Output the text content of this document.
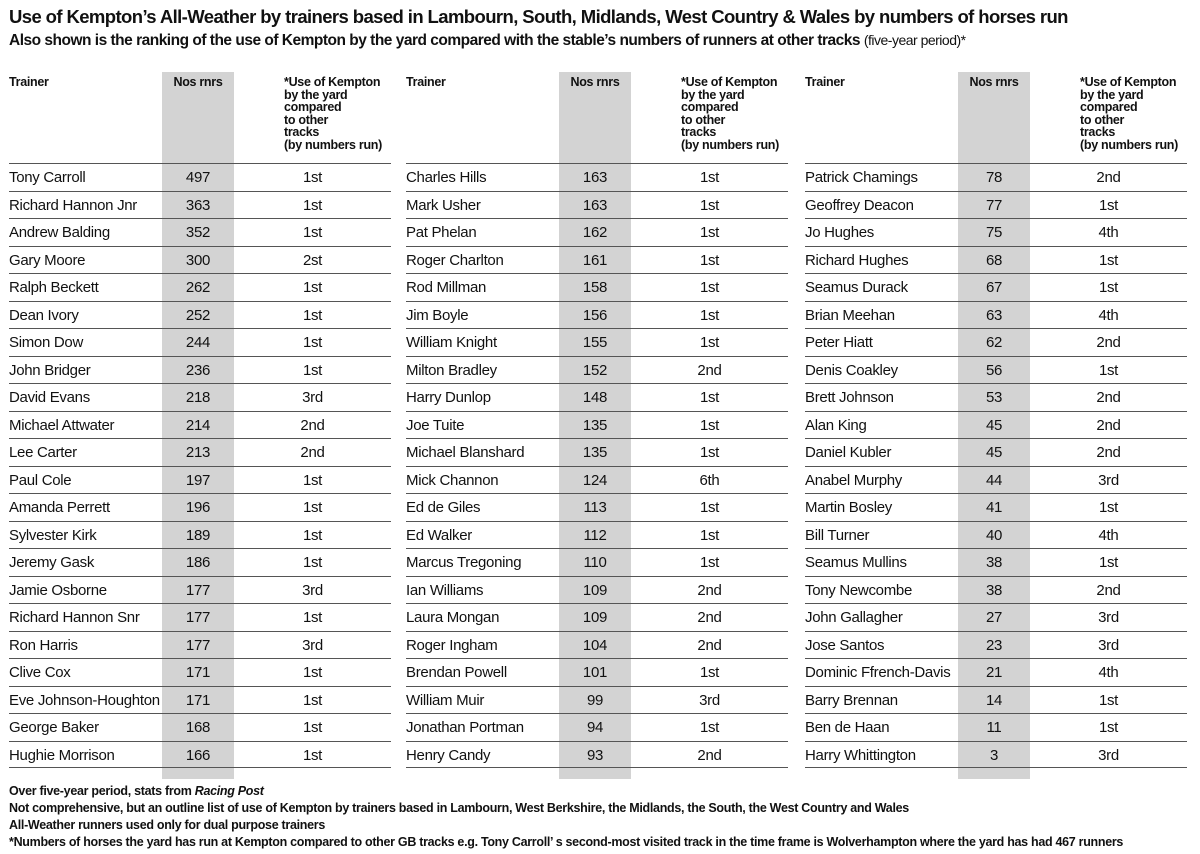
Use of Kempton’s All-Weather by trainers based in Lambourn, South, Midlands, West Country & Wales by numbers of horses run
Also shown is the ranking of the use of Kempton by the yard compared with the stable’s numbers of runners at other tracks (five-year period)*
Trainer	Nos rnrs	*Use of Kempton
by the yard
compared
to other
tracks
(by numbers run)
Tony Carroll	497	1st
Richard Hannon Jnr	363	1st
Andrew Balding	352	1st
Gary Moore	300	2st
Ralph Beckett	262	1st
Dean Ivory	252	1st
Simon Dow	244	1st
John Bridger	236	1st
David Evans	218	3rd
Michael Attwater	214	2nd
Lee Carter	213	2nd
Paul Cole	197	1st
Amanda Perrett	196	1st
Sylvester Kirk	189	1st
Jeremy Gask	186	1st
Jamie Osborne	177	3rd
Richard Hannon Snr	177	1st
Ron Harris	177	3rd
Clive Cox	171	1st
Eve Johnson-Houghton	171	1st
George Baker	168	1st
Hughie Morrison	166	1st
Trainer	Nos rnrs	*Use of Kempton
by the yard
compared
to other
tracks
(by numbers run)
Charles Hills	163	1st
Mark Usher	163	1st
Pat Phelan	162	1st
Roger Charlton	161	1st
Rod Millman	158	1st
Jim Boyle	156	1st
William Knight	155	1st
Milton Bradley	152	2nd
Harry Dunlop	148	1st
Joe Tuite	135	1st
Michael Blanshard	135	1st
Mick Channon	124	6th
Ed de Giles	113	1st
Ed Walker	112	1st
Marcus Tregoning	110	1st
Ian Williams	109	2nd
Laura Mongan	109	2nd
Roger Ingham	104	2nd
Brendan Powell	101	1st
William Muir	99	3rd
Jonathan Portman	94	1st
Henry Candy	93	2nd
Trainer	Nos rnrs	*Use of Kempton
by the yard
compared
to other
tracks
(by numbers run)
Patrick Chamings	78	2nd
Geoffrey Deacon	77	1st
Jo Hughes	75	4th
Richard Hughes	68	1st
Seamus Durack	67	1st
Brian Meehan	63	4th
Peter Hiatt	62	2nd
Denis Coakley	56	1st
Brett Johnson	53	2nd
Alan King	45	2nd
Daniel Kubler	45	2nd
Anabel Murphy	44	3rd
Martin Bosley	41	1st
Bill Turner	40	4th
Seamus Mullins	38	1st
Tony Newcombe	38	2nd
John Gallagher	27	3rd
Jose Santos	23	3rd
Dominic Ffrench-Davis	21	4th
Barry Brennan	14	1st
Ben de Haan	11	1st
Harry Whittington	3	3rd
Over five-year period, stats from Racing Post
Not comprehensive, but an outline list of use of Kempton by trainers based in Lambourn, West Berkshire, the Midlands, the South, the West Country and Wales
All-Weather runners used only for dual purpose trainers
*Numbers of horses the yard has run at Kempton compared to other GB tracks e.g. Tony Carroll’ s second-most visited track in the time frame is Wolverhampton where the yard has had 467 runners
